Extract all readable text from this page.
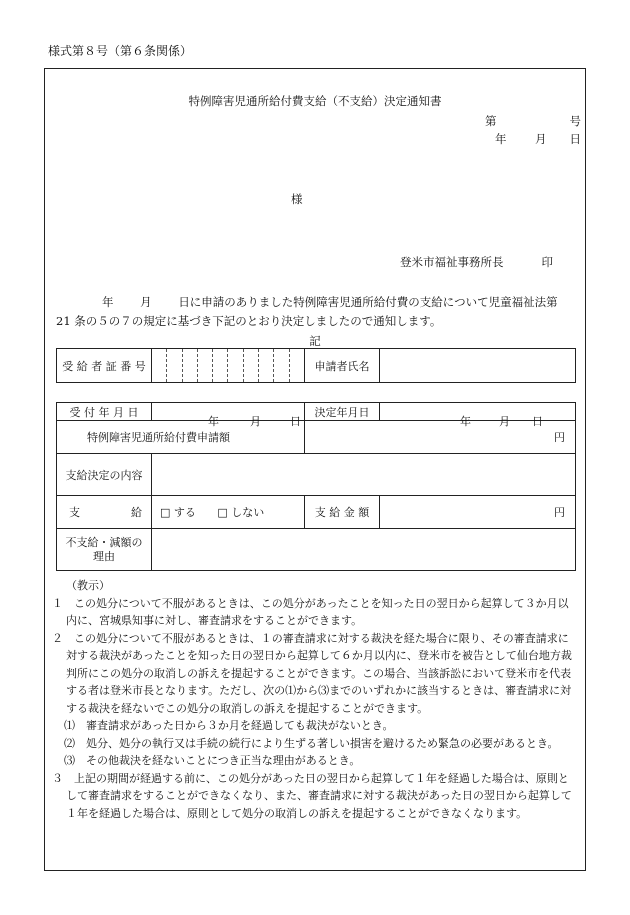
様式第８号（第６条関係）
特例障害児通所給付費支給（不支給）決定通知書
第	号
年 月 日
様
登米市福祉事務所長	印
年　　 月　　 日に申請のありました特例障害児通所給付費の支給について児童福祉法第
21 条の５の７の規定に基づき下記のとおり決定しましたので通知します。
記
受 給 者 証 番 号		申請者氏名	
受 付 年 月 日	年 月 日	決定年月日	年 月 日

特例障害児通所給付費申請額		円	
支給決定の内容			
支 給	□ する □ しない	支 給 金 額	円

不支給・減額の
理由			

（教示）

１　この処分について不服があるときは、この処分があったことを知った日の翌日から起算して３か月以内に、宮城県知事に対し、審査請求をすることができます。

２　この処分について不服があるときは、１の審査請求に対する裁決を経た場合に限り、その審査請求に対する裁決があったことを知った日の翌日から起算して６か月以内に、登米市を被告として仙台地方裁判所にこの処分の取消しの訴えを提起することができます。この場合、当該訴訟において登米市を代表する者は登米市長となります。ただし、次の⑴から⑶までのいずれかに該当するときは、審査請求に対する裁決を経ないでこの処分の取消しの訴えを提起することができます。

⑴　審査請求があった日から３か月を経過しても裁決がないとき。

⑵　処分、処分の執行又は手続の続行により生ずる著しい損害を避けるため緊急の必要があるとき。

⑶　その他裁決を経ないことにつき正当な理由があるとき。

３　上記の期間が経過する前に、この処分があった日の翌日から起算して１年を経過した場合は、原則として審査請求をすることができなくなり、また、審査請求に対する裁決があった日の翌日から起算して１年を経過した場合は、原則として処分の取消しの訴えを提起することができなくなります。
